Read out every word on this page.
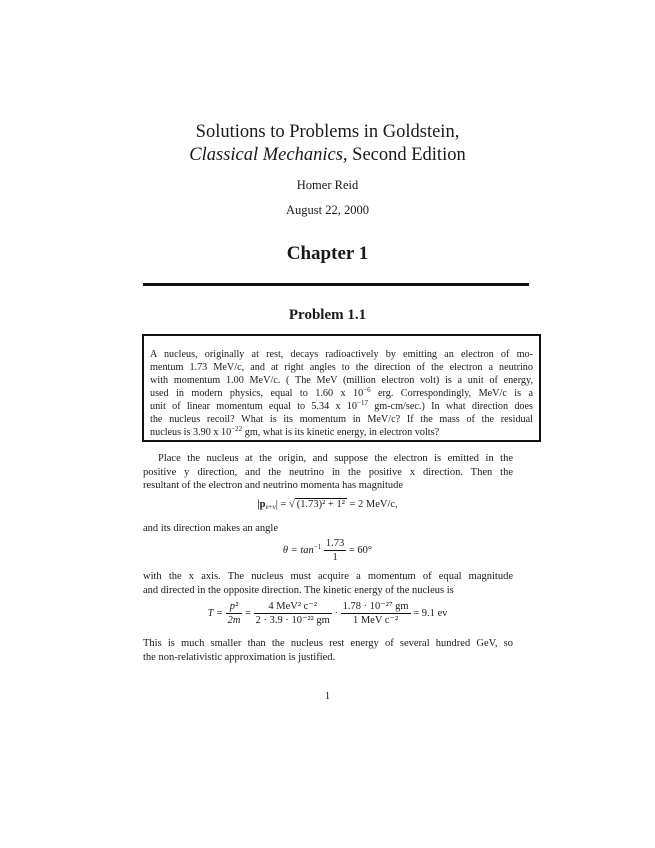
Solutions to Problems in Goldstein,
Classical Mechanics, Second Edition
Homer Reid
August 22, 2000
Chapter 1
Problem 1.1
A nucleus, originally at rest, decays radioactively by emitting an electron of mo-
mentum 1.73 MeV/c, and at right angles to the direction of the electron a neutrino
with momentum 1.00 MeV/c. ( The MeV (million electron volt) is a unit of energy,
used in modern physics, equal to 1.60 x $10^{-6}$ erg. Correspondingly, MeV/c is a
unit of linear momentum equal to 5.34 x $10^{-17}$ gm-cm/sec.) In what direction does
the nucleus recoil? What is its momentum in MeV/c? If the mass of the residual
nucleus is 3.90 x $10^{-22}$ gm, what is its kinetic energy, in electron volts?
Place the nucleus at the origin, and suppose the electron is emitted in the
positive y direction, and the neutrino in the positive x direction. Then the
resultant of the electron and neutrino momenta has magnitude
$|p_{e+\nu}|$ = √ (1.73)² + 1² = 2 MeV/c,
and its direction makes an angle
$\theta = \tan^{-1} \frac{1.73}{1} = 60^\circ$
with the x axis. The nucleus must acquire a momentum of equal magnitude
and directed in the opposite direction. The kinetic energy of the nucleus is
$T = \frac{\text{p²}}{2m} = \frac{\text{4 MeV² c⁻²}}{\text{2 · 3.9 · 10⁻²² gm}} \cdot \frac{\text{1.78 · 10⁻²⁷ gm}}{\text{1 MeV c⁻²}} = 9.1$ ev
This is much smaller than the nucleus rest energy of several hundred GeV, so
the non-relativistic approximation is justified.
1
